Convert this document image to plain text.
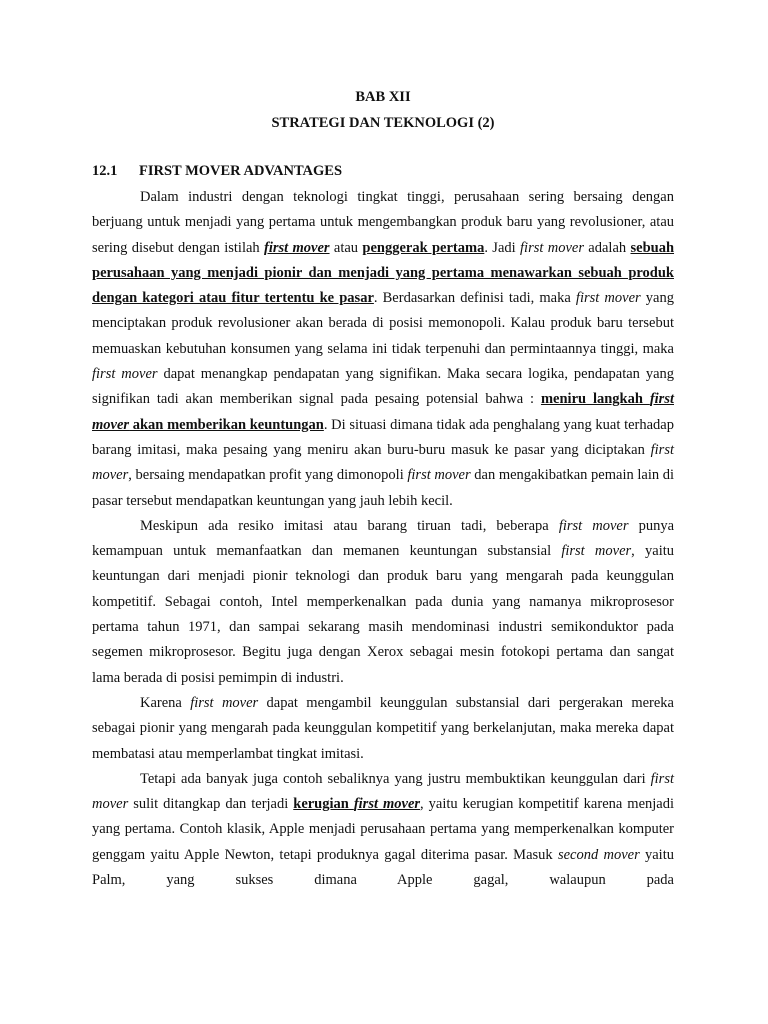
BAB XII
STRATEGI DAN TEKNOLOGI (2)
12.1 FIRST MOVER ADVANTAGES

Dalam industri dengan teknologi tingkat tinggi, perusahaan sering bersaing dengan berjuang untuk menjadi yang pertama untuk mengembangkan produk baru yang revolusioner, atau sering disebut dengan istilah first mover atau penggerak pertama. Jadi first mover adalah sebuah perusahaan yang menjadi pionir dan menjadi yang pertama menawarkan sebuah produk dengan kategori atau fitur tertentu ke pasar. Berdasarkan definisi tadi, maka first mover yang menciptakan produk revolusioner akan berada di posisi memonopoli. Kalau produk baru tersebut memuaskan kebutuhan konsumen yang selama ini tidak terpenuhi dan permintaannya tinggi, maka first mover dapat menangkap pendapatan yang signifikan. Maka secara logika, pendapatan yang signifikan tadi akan memberikan signal pada pesaing potensial bahwa : meniru langkah first mover akan memberikan keuntungan. Di situasi dimana tidak ada penghalang yang kuat terhadap barang imitasi, maka pesaing yang meniru akan buru-buru masuk ke pasar yang diciptakan first mover, bersaing mendapatkan profit yang dimonopoli first mover dan mengakibatkan pemain lain di pasar tersebut mendapatkan keuntungan yang jauh lebih kecil.

Meskipun ada resiko imitasi atau barang tiruan tadi, beberapa first mover punya kemampuan untuk memanfaatkan dan memanen keuntungan substansial first mover, yaitu keuntungan dari menjadi pionir teknologi dan produk baru yang mengarah pada keunggulan kompetitif. Sebagai contoh, Intel memperkenalkan pada dunia yang namanya mikroprosesor pertama tahun 1971, dan sampai sekarang masih mendominasi industri semikonduktor pada segemen mikroprosesor. Begitu juga dengan Xerox sebagai mesin fotokopi pertama dan sangat lama berada di posisi pemimpin di industri.

Karena first mover dapat mengambil keunggulan substansial dari pergerakan mereka sebagai pionir yang mengarah pada keunggulan kompetitif yang berkelanjutan, maka mereka dapat membatasi atau memperlambat tingkat imitasi.

Tetapi ada banyak juga contoh sebaliknya yang justru membuktikan keunggulan dari first mover sulit ditangkap dan terjadi kerugian first mover, yaitu kerugian kompetitif karena menjadi yang pertama. Contoh klasik, Apple menjadi perusahaan pertama yang memperkenalkan komputer genggam yaitu Apple Newton, tetapi produknya gagal diterima pasar. Masuk second mover yaitu Palm, yang sukses dimana Apple gagal, walaupun pada
